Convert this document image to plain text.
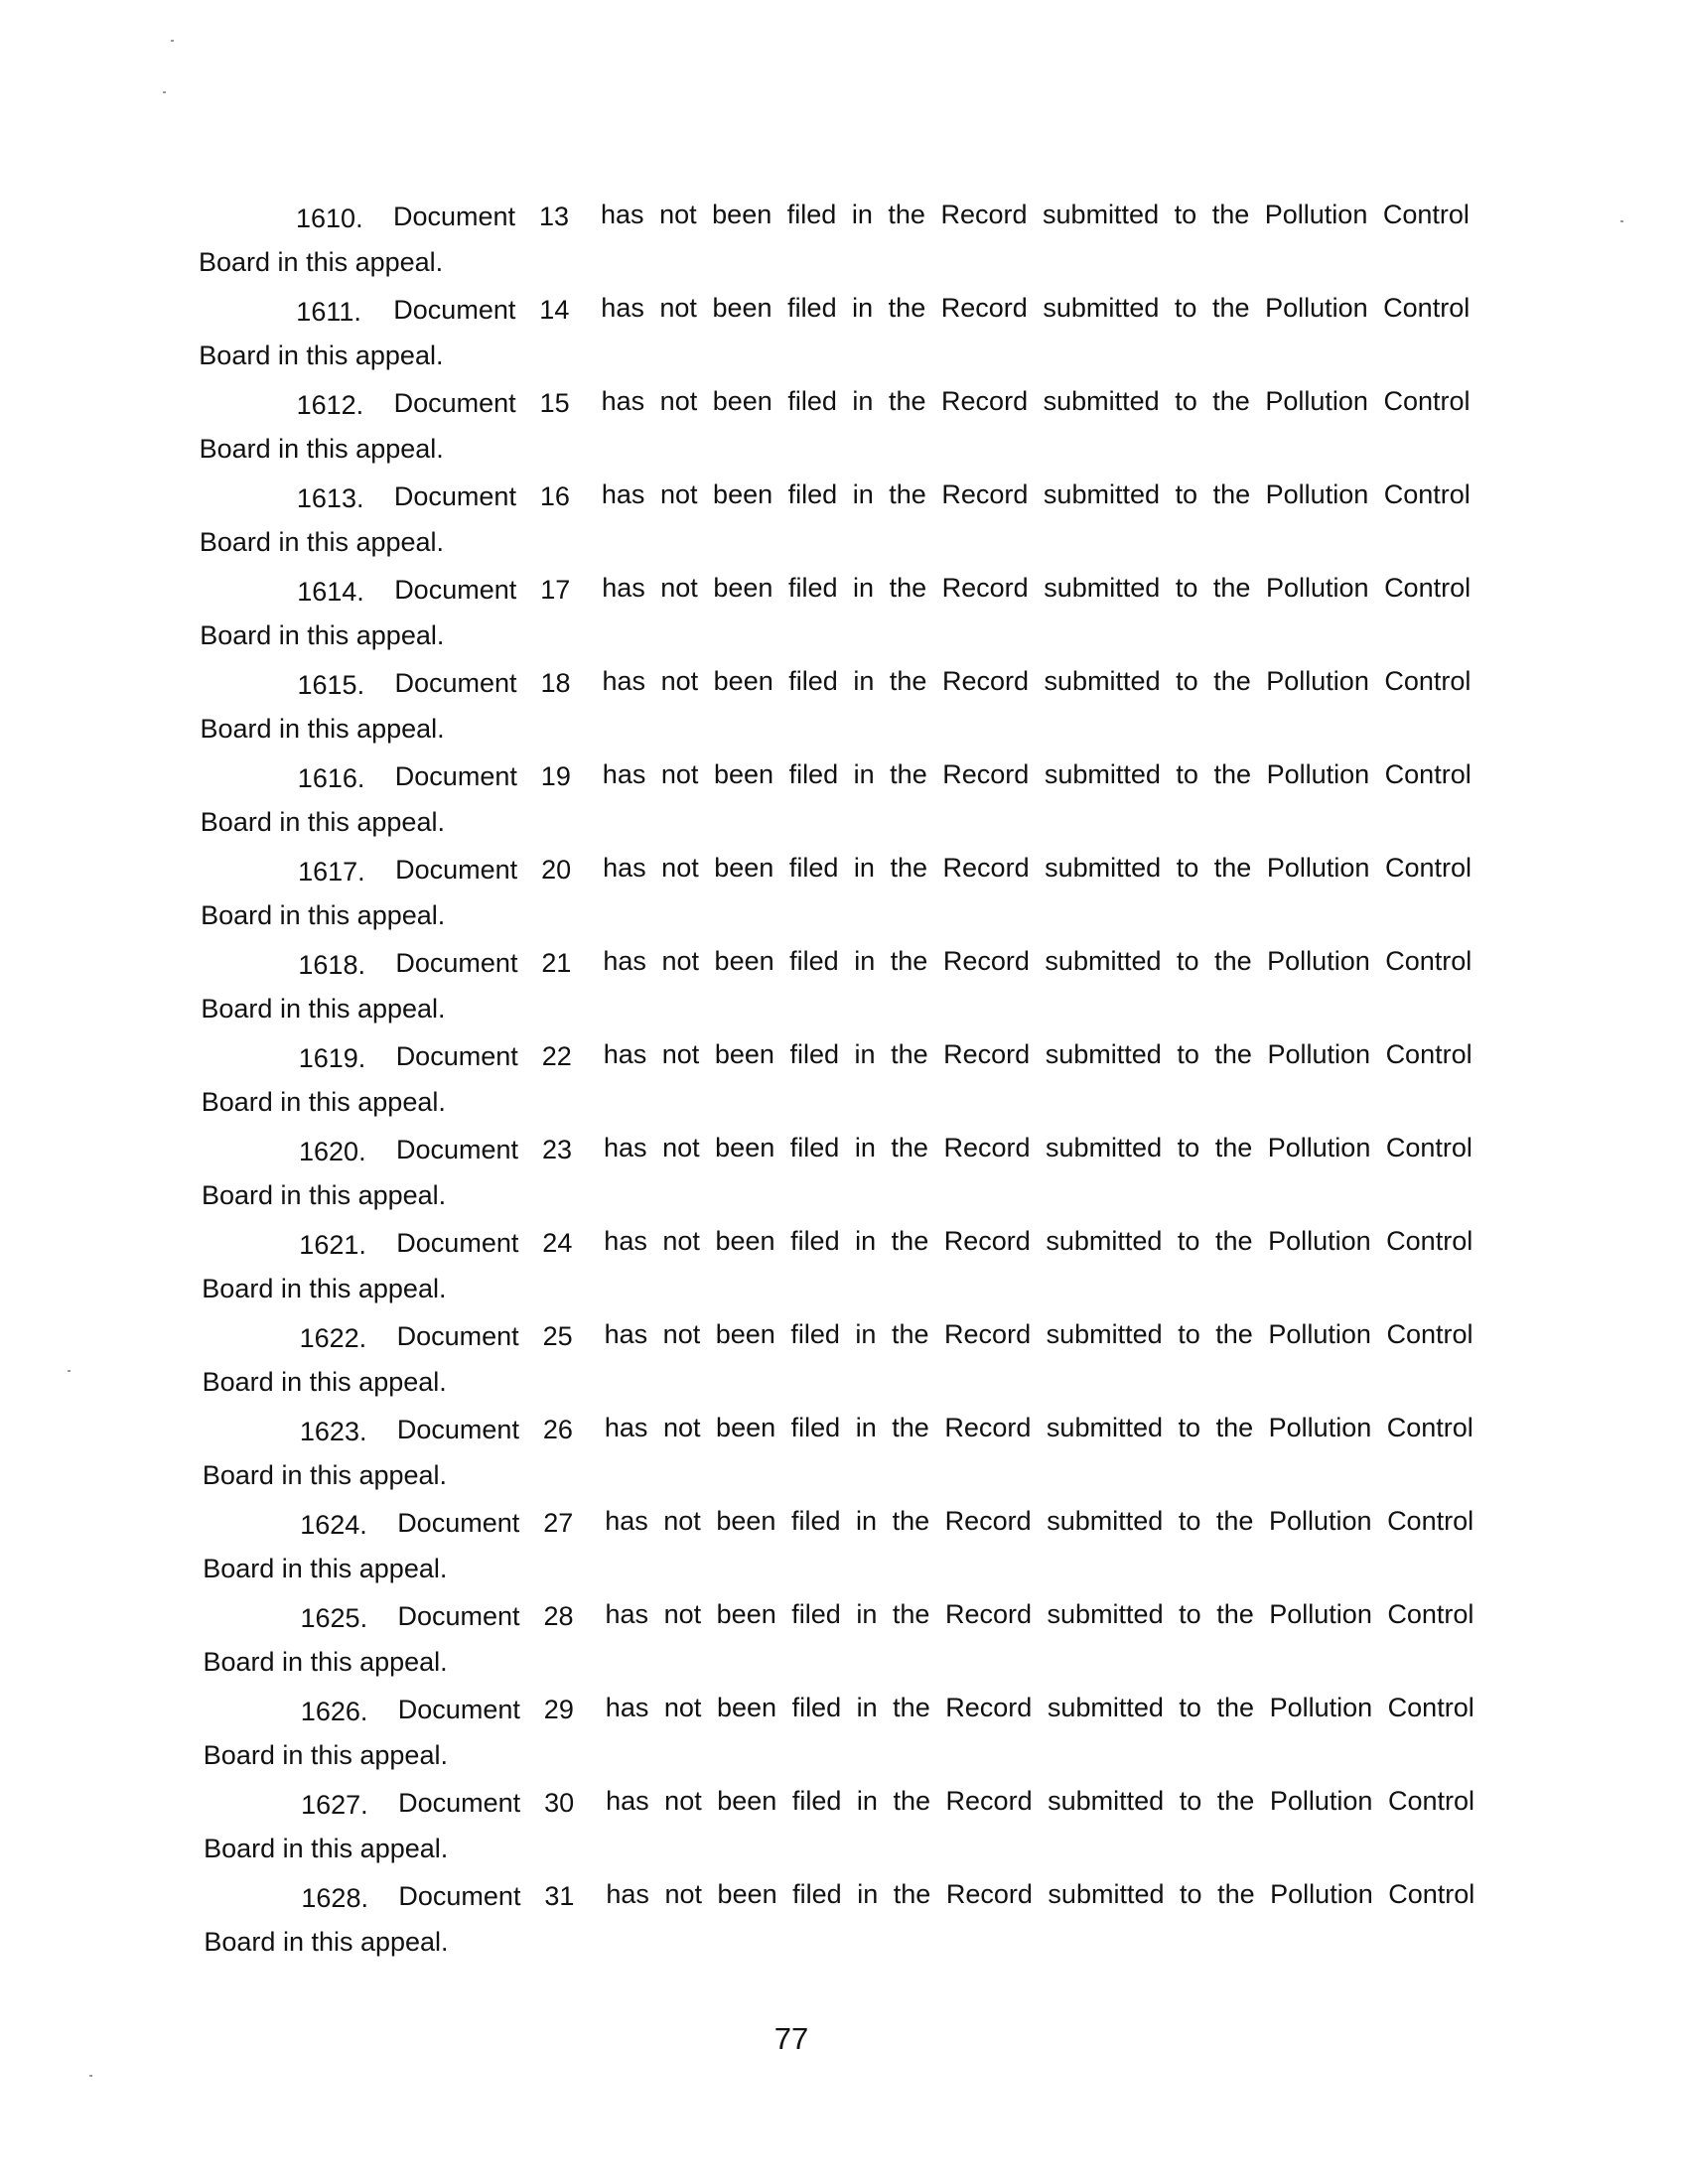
1610. Document 13 has not been filed in the Record submitted to the Pollution Control
Board in this appeal.
1611. Document 14 has not been filed in the Record submitted to the Pollution Control
Board in this appeal.
1612. Document 15 has not been filed in the Record submitted to the Pollution Control
Board in this appeal.
1613. Document 16 has not been filed in the Record submitted to the Pollution Control
Board in this appeal.
1614. Document 17 has not been filed in the Record submitted to the Pollution Control
Board in this appeal.
1615. Document 18 has not been filed in the Record submitted to the Pollution Control
Board in this appeal.
1616. Document 19 has not been filed in the Record submitted to the Pollution Control
Board in this appeal.
1617. Document 20 has not been filed in the Record submitted to the Pollution Control
Board in this appeal.
1618. Document 21 has not been filed in the Record submitted to the Pollution Control
Board in this appeal.
1619. Document 22 has not been filed in the Record submitted to the Pollution Control
Board in this appeal.
1620. Document 23 has not been filed in the Record submitted to the Pollution Control
Board in this appeal.
1621. Document 24 has not been filed in the Record submitted to the Pollution Control
Board in this appeal.
1622. Document 25 has not been filed in the Record submitted to the Pollution Control
Board in this appeal.
1623. Document 26 has not been filed in the Record submitted to the Pollution Control
Board in this appeal.
1624. Document 27 has not been filed in the Record submitted to the Pollution Control
Board in this appeal.
1625. Document 28 has not been filed in the Record submitted to the Pollution Control
Board in this appeal.
1626. Document 29 has not been filed in the Record submitted to the Pollution Control
Board in this appeal.
1627. Document 30 has not been filed in the Record submitted to the Pollution Control
Board in this appeal.
1628. Document 31 has not been filed in the Record submitted to the Pollution Control
Board in this appeal.
77
